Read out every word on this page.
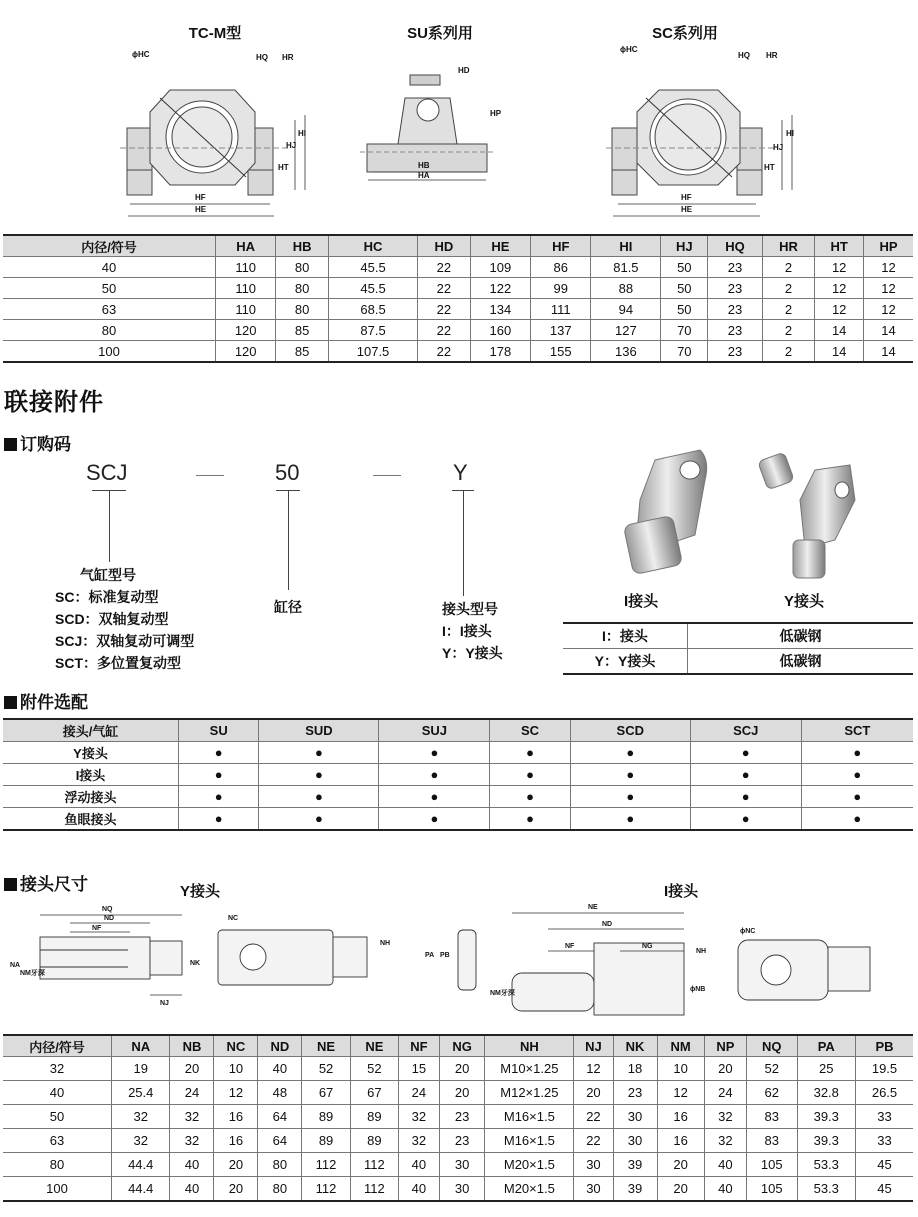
TC-M型	SU系列用	SC系列用
ϕHC	HQ HR
HI
HJ
HT
HF
HE
HD
HP
HB
HA
ϕHC
HQ HR
HI
HJ
HT
HF
HE
内径/符号	HA	HB	HC	HD	HE	HF	HI	HJ	HQ	HR	HT	HP
40	110	80	45.5	22	109	86	81.5	50	23	2	12	12
50	110	80	45.5	22	122	99	88	50	23	2	12	12
63	110	80	68.5	22	134	111	94	50	23	2	12	12
80	120	85	87.5	22	160	137	127	70	23	2	14	14
100	120	85	107.5	22	178	155	136	70	23	2	14	14
联接附件
订购码
SCJ	50	Y
气缸型号
SC：标准复动型
SCD：双轴复动型
SCJ：双轴复动可调型
SCT：多位置复动型
缸径	接头型号
I：I接头
Y：Y接头
I接头	Y接头
I：接头	低碳钢
Y：Y接头	低碳钢
附件选配
接头/气缸	SU	SUD	SUJ	SC	SCD	SCJ	SCT
Y接头	●	●	●	●	●	●	●
I接头	●	●	●	●	●	●	●
浮动接头	●	●	●	●	●	●	●
鱼眼接头	●	●	●	●	●	●	●
接头尺寸	Y接头	I接头
NQ
ND
NF
NC
NH
NK
NJ
NA
NM牙深
NE
ND
NF	NG
NH
ϕNC
ϕNB
PA PB
NM牙深
内径/符号	NA	NB	NC	ND	NE	NE	NF	NG	NH	NJ	NK	NM	NP	NQ	PA	PB
32	19	20	10	40	52	52	15	20	M10×1.25	12	18	10	20	52	25	19.5
40	25.4	24	12	48	67	67	24	20	M12×1.25	20	23	12	24	62	32.8	26.5
50	32	32	16	64	89	89	32	23	M16×1.5	22	30	16	32	83	39.3	33
63	32	32	16	64	89	89	32	23	M16×1.5	22	30	16	32	83	39.3	33
80	44.4	40	20	80	112	112	40	30	M20×1.5	30	39	20	40	105	53.3	45
100	44.4	40	20	80	112	112	40	30	M20×1.5	30	39	20	40	105	53.3	45
